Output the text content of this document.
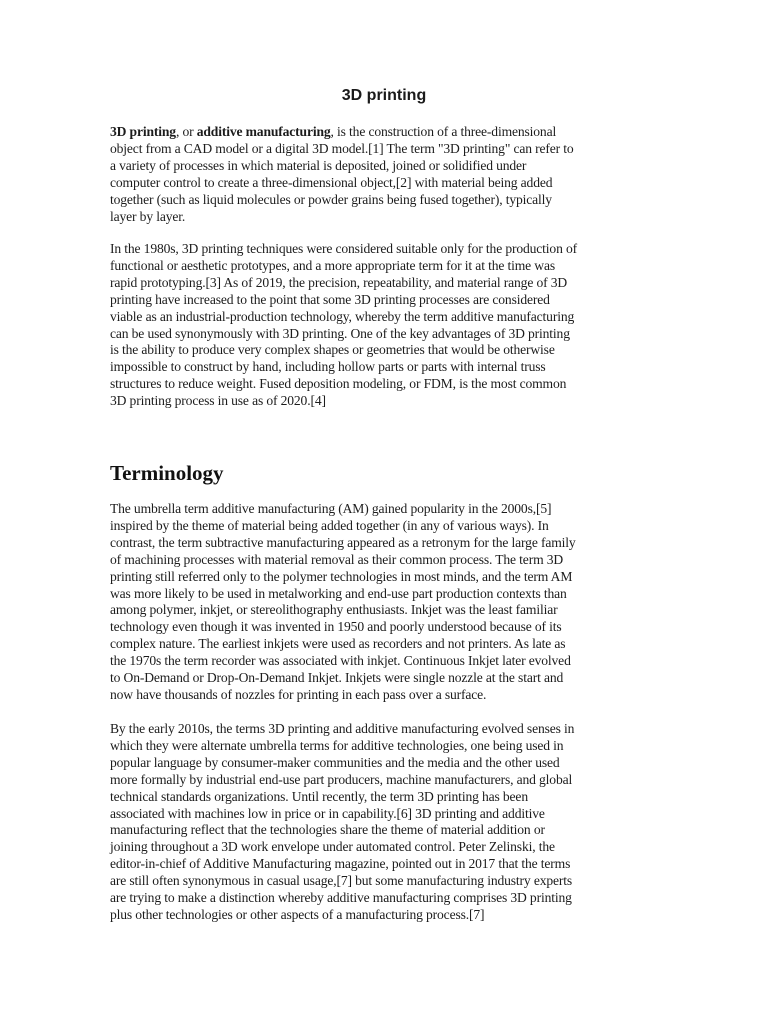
3D printing

3D printing, or additive manufacturing, is the construction of a three-dimensional
object from a CAD model or a digital 3D model.[1] The term "3D printing" can refer to
a variety of processes in which material is deposited, joined or solidified under
computer control to create a three-dimensional object,[2] with material being added
together (such as liquid molecules or powder grains being fused together), typically
layer by layer.

In the 1980s, 3D printing techniques were considered suitable only for the production of
functional or aesthetic prototypes, and a more appropriate term for it at the time was
rapid prototyping.[3] As of 2019, the precision, repeatability, and material range of 3D
printing have increased to the point that some 3D printing processes are considered
viable as an industrial-production technology, whereby the term additive manufacturing
can be used synonymously with 3D printing. One of the key advantages of 3D printing
is the ability to produce very complex shapes or geometries that would be otherwise
impossible to construct by hand, including hollow parts or parts with internal truss
structures to reduce weight. Fused deposition modeling, or FDM, is the most common
3D printing process in use as of 2020.[4]

Terminology

The umbrella term additive manufacturing (AM) gained popularity in the 2000s,[5]
inspired by the theme of material being added together (in any of various ways). In
contrast, the term subtractive manufacturing appeared as a retronym for the large family
of machining processes with material removal as their common process. The term 3D
printing still referred only to the polymer technologies in most minds, and the term AM
was more likely to be used in metalworking and end-use part production contexts than
among polymer, inkjet, or stereolithography enthusiasts. Inkjet was the least familiar
technology even though it was invented in 1950 and poorly understood because of its
complex nature. The earliest inkjets were used as recorders and not printers. As late as
the 1970s the term recorder was associated with inkjet. Continuous Inkjet later evolved
to On-Demand or Drop-On-Demand Inkjet. Inkjets were single nozzle at the start and
now have thousands of nozzles for printing in each pass over a surface.

By the early 2010s, the terms 3D printing and additive manufacturing evolved senses in
which they were alternate umbrella terms for additive technologies, one being used in
popular language by consumer-maker communities and the media and the other used
more formally by industrial end-use part producers, machine manufacturers, and global
technical standards organizations. Until recently, the term 3D printing has been
associated with machines low in price or in capability.[6] 3D printing and additive
manufacturing reflect that the technologies share the theme of material addition or
joining throughout a 3D work envelope under automated control. Peter Zelinski, the
editor-in-chief of Additive Manufacturing magazine, pointed out in 2017 that the terms
are still often synonymous in casual usage,[7] but some manufacturing industry experts
are trying to make a distinction whereby additive manufacturing comprises 3D printing
plus other technologies or other aspects of a manufacturing process.[7]
